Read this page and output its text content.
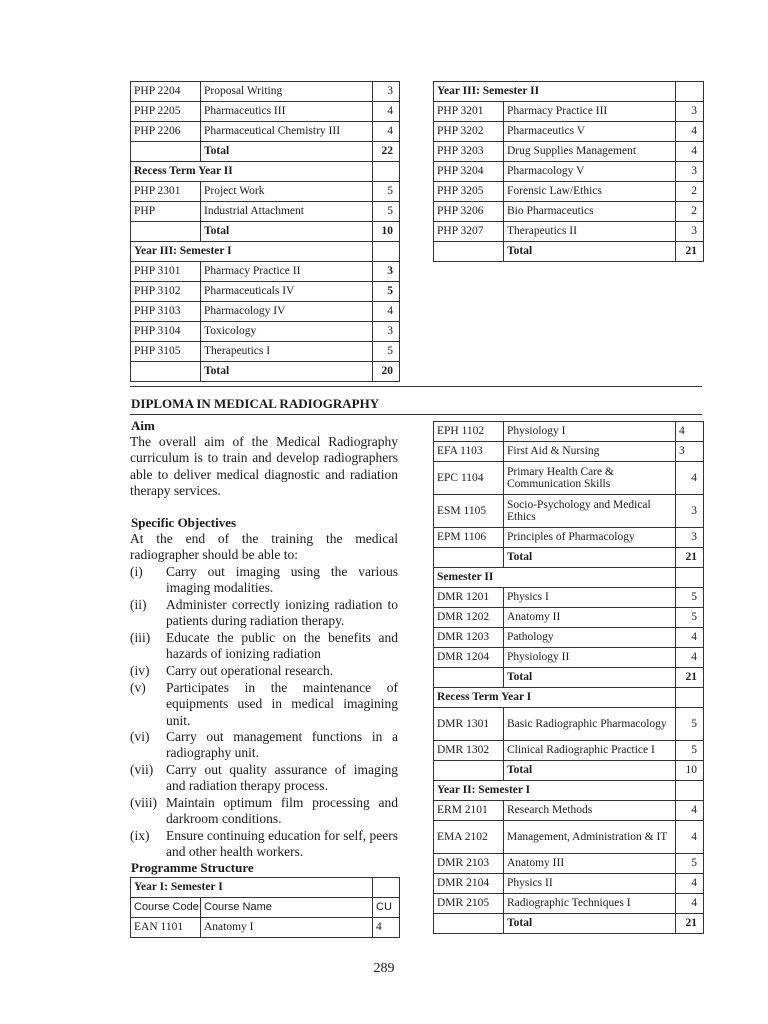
PHP 2204	Proposal Writing	3
PHP 2205	Pharmaceutics III	4
PHP 2206	Pharmaceutical Chemistry III	4
	Total	22
Recess Term Year II		
PHP 2301	Project Work	5
PHP	Industrial Attachment	5
	Total	10
Year III: Semester I		
PHP 3101	Pharmacy Practice II	3
PHP 3102	Pharmaceuticals IV	5
PHP 3103	Pharmacology IV	4
PHP 3104	Toxicology	3
PHP 3105	Therapeutics I	5
	Total	20
Year III: Semester II		
PHP 3201	Pharmacy Practice III	3
PHP 3202	Pharmaceutics V	4
PHP 3203	Drug Supplies Management	4
PHP 3204	Pharmacology V	3
PHP 3205	Forensic Law/Ethics	2
PHP 3206	Bio Pharmaceutics	2
PHP 3207	Therapeutics II	3
	Total	21
DIPLOMA IN MEDICAL RADIOGRAPHY
Aim
The overall aim of the Medical Radiography curriculum is to train and develop radiographers able to deliver medical diagnostic and radiation therapy services.
Specific Objectives
At the end of the training the medical radiographer should be able to:
(i) Carry out imaging using the various imaging modalities.
(ii) Administer correctly ionizing radiation to patients during radiation therapy.
(iii) Educate the public on the benefits and hazards of ionizing radiation
(iv) Carry out operational research.
(v) Participates in the maintenance of equipments used in medical imagining unit.
(vi) Carry out management functions in a radiography unit.
(vii) Carry out quality assurance of imaging and radiation therapy process.
(viii) Maintain optimum film processing and darkroom conditions.
(ix) Ensure continuing education for self, peers and other health workers.
Programme Structure
Year I: Semester I		
Course Code	Course Name	CU
EAN 1101	Anatomy I	4
EPH 1102	Physiology I	4
EFA 1103	First Aid & Nursing	3
EPC 1104	Primary Health Care & Communication Skills	4
ESM 1105	Socio-Psychology and Medical Ethics	3
EPM 1106	Principles of Pharmacology	3
	Total	21
Semester II		
DMR 1201	Physics I	5
DMR 1202	Anatomy II	5
DMR 1203	Pathology	4
DMR 1204	Physiology II	4
	Total	21
Recess Term Year I		
DMR 1301	Basic Radiographic Pharmacology	5
DMR 1302	Clinical Radiographic Practice I	5
	Total	10
Year II: Semester I		
ERM 2101	Research Methods	4
EMA 2102	Management, Administration & IT	4
DMR 2103	Anatomy III	5
DMR 2104	Physics II	4
DMR 2105	Radiographic Techniques I	4
	Total	21
289
